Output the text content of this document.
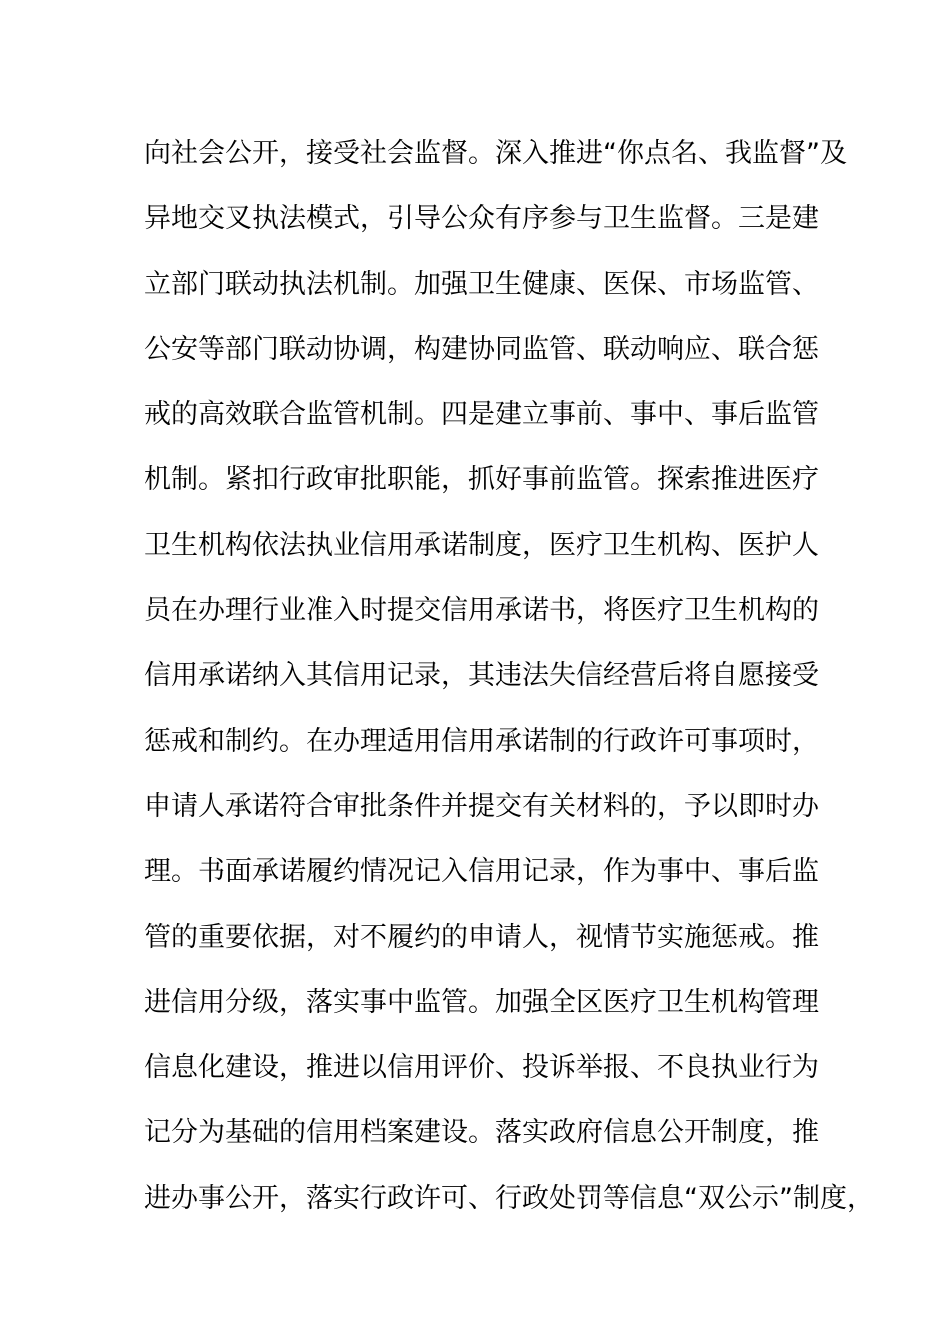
向社会公开，接受社会监督。深入推进“你点名、我监督”及
异地交叉执法模式，引导公众有序参与卫生监督。三是建
立部门联动执法机制。加强卫生健康、医保、市场监管、
公安等部门联动协调，构建协同监管、联动响应、联合惩
戒的高效联合监管机制。四是建立事前、事中、事后监管
机制。紧扣行政审批职能，抓好事前监管。探索推进医疗
卫生机构依法执业信用承诺制度，医疗卫生机构、医护人
员在办理行业准入时提交信用承诺书，将医疗卫生机构的
信用承诺纳入其信用记录，其违法失信经营后将自愿接受
惩戒和制约。在办理适用信用承诺制的行政许可事项时，
申请人承诺符合审批条件并提交有关材料的，予以即时办
理。书面承诺履约情况记入信用记录，作为事中、事后监
管的重要依据，对不履约的申请人，视情节实施惩戒。推
进信用分级，落实事中监管。加强全区医疗卫生机构管理
信息化建设，推进以信用评价、投诉举报、不良执业行为
记分为基础的信用档案建设。落实政府信息公开制度，推
进办事公开，落实行政许可、行政处罚等信息“双公示”制度，
